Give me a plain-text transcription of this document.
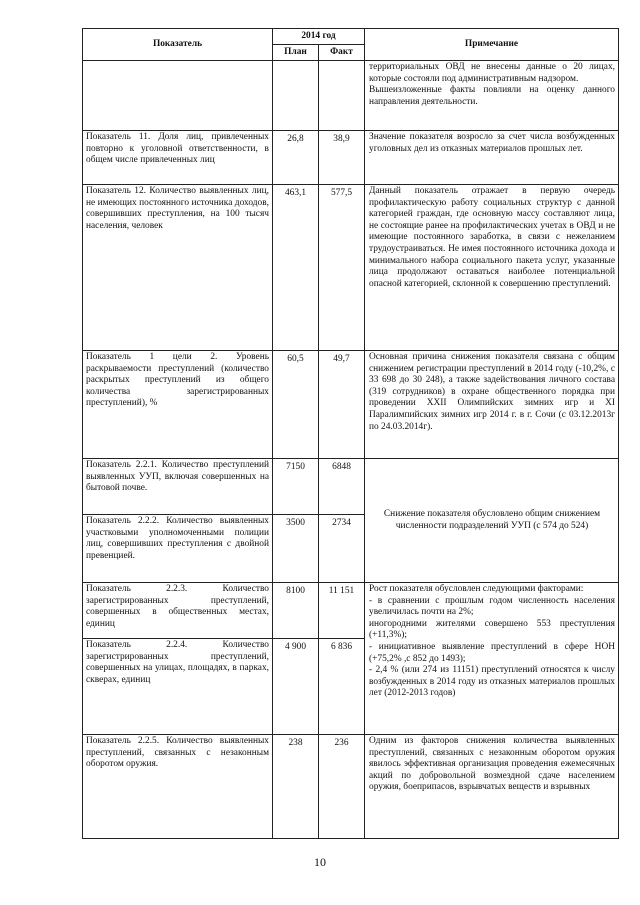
Показатель	2014 год		Примечание
	План	Факт	

			территориальных ОВД не внесены данные о 20 лицах, которые состояли под административным надзором.
Вышеизложенные факты повлияли на оценку данного направления деятельности.

Показатель 11. Доля лиц, привлеченных повторно к уголовной ответственности, в общем числе привлеченных лиц	26,8	38,9	Значение показателя возросло за счет числа возбужденных уголовных дел из отказных материалов прошлых лет.

Показатель 12. Количество выявленных лиц, не имеющих постоянного источника доходов, совершивших преступления, на 100 тысяч населения, человек	463,1	577,5	Данный показатель отражает в первую очередь профилактическую работу социальных структур с данной категорией граждан, где основную массу составляют лица, не состоящие ранее на профилактических учетах в ОВД и не имеющие постоянного заработка, в связи с нежеланием трудоустраиваться. Не имея постоянного источника дохода и минимального набора социального пакета услуг, указанные лица продолжают оставаться наиболее потенциальной опасной категорией, склонной к совершению преступлений.

Показатель 1 цели 2. Уровень раскрываемости преступлений (количество раскрытых преступлений из общего количества зарегистрированных преступлений), %	60,5	49,7	Основная причина снижения показателя связана с общим снижением регистрации преступлений в 2014 году (-10,2%, с 33 698 до 30 248), а также задействования личного состава (319 сотрудников) в охране общественного порядка при проведении XXII Олимпийских зимних игр и XI Паралимпийских зимних игр 2014 г. в г. Сочи (с 03.12.2013г по 24.03.2014г).

Показатель 2.2.1. Количество преступлений выявленных УУП, включая совершенных на бытовой почве.	7150	6848	Снижение показателя обусловлено общим снижением численности подразделений УУП (с 574 до 524)
Показатель 2.2.2. Количество выявленных участковыми уполномоченными полиции лиц, совершивших преступления с двойной превенцией.	3500	2734	
Показатель 2.2.3. Количество зарегистрированных преступлений, совершенных в общественных местах, единиц	8100	11 151	Рост показателя обусловлен следующими факторами:
- в сравнении с прошлым годом численность населения увеличилась почти на 2%;
иногородними жителями совершено 553 преступления (+11,3%);
- инициативное выявление преступлений в сфере НОН (+75,2% ,с 852 до 1493);
- 2,4 % (или 274 из 11151) преступлений относятся к числу возбужденных в 2014 году из отказных материалов прошлых лет (2012-2013 годов)

Показатель 2.2.4. Количество зарегистрированных преступлений, совершенных на улицах, площадях, в парках, скверах, единиц	4 900	6 836	
Показатель 2.2.5. Количество выявленных преступлений, связанных с незаконным оборотом оружия.	238	236	Одним из факторов снижения количества выявленных преступлений, связанных с незаконным оборотом оружия явилось эффективная организация проведения ежемесячных акций по добровольной возмездной сдаче населением оружия, боеприпасов, взрывчатых веществ и взрывных
10
